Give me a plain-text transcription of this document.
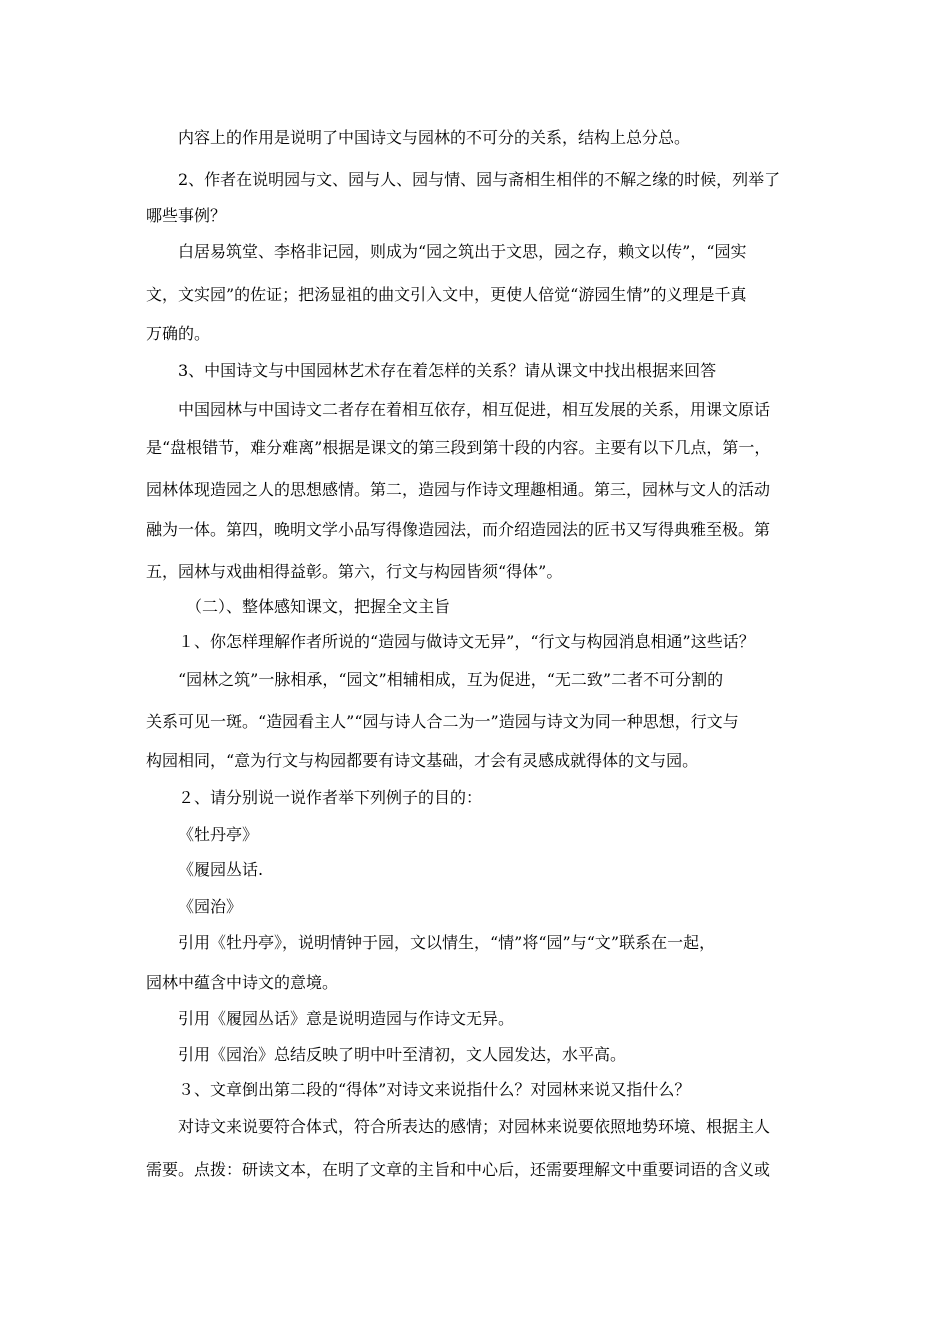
内容上的作用是说明了中国诗文与园林的不可分的关系，结构上总分总。
2、作者在说明园与文、园与人、园与情、园与斋相生相伴的不解之缘的时候，列举了
哪些事例？
白居易筑堂、李格非记园，则成为“园之筑出于文思，园之存，赖文以传”，“园实
文，文实园”的佐证；把汤显祖的曲文引入文中，更使人倍觉“游园生情”的义理是千真
万确的。
3、中国诗文与中国园林艺术存在着怎样的关系？请从课文中找出根据来回答
中国园林与中国诗文二者存在着相互依存，相互促进，相互发展的关系，用课文原话
是“盘根错节，难分难离”根据是课文的第三段到第十段的内容。主要有以下几点，第一，
园林体现造园之人的思想感情。第二，造园与作诗文理趣相通。第三，园林与文人的活动
融为一体。第四，晚明文学小品写得像造园法，而介绍造园法的匠书又写得典雅至极。第
五，园林与戏曲相得益彰。第六，行文与构园皆须“得体”。
（二）、整体感知课文，把握全文主旨
１、你怎样理解作者所说的“造园与做诗文无异”，“行文与构园消息相通”这些话？
“园林之筑”一脉相承，“园文”相辅相成，互为促进，“无二致”二者不可分割的
关系可见一斑。“造园看主人”“园与诗人合二为一”造园与诗文为同一种思想，行文与
构园相同，“意为行文与构园都要有诗文基础，才会有灵感成就得体的文与园。
２、请分别说一说作者举下列例子的目的：
《牡丹亭》
《履园丛话.
《园治》
引用《牡丹亭》，说明情钟于园，文以情生，“情”将“园”与“文”联系在一起，
园林中蕴含中诗文的意境。
引用《履园丛话》意是说明造园与作诗文无异。
引用《园治》总结反映了明中叶至清初，文人园发达，水平高。
３、文章倒出第二段的“得体”对诗文来说指什么？对园林来说又指什么？
对诗文来说要符合体式，符合所表达的感情；对园林来说要依照地势环境、根据主人
需要。点拨：研读文本，在明了文章的主旨和中心后，还需要理解文中重要词语的含义或
